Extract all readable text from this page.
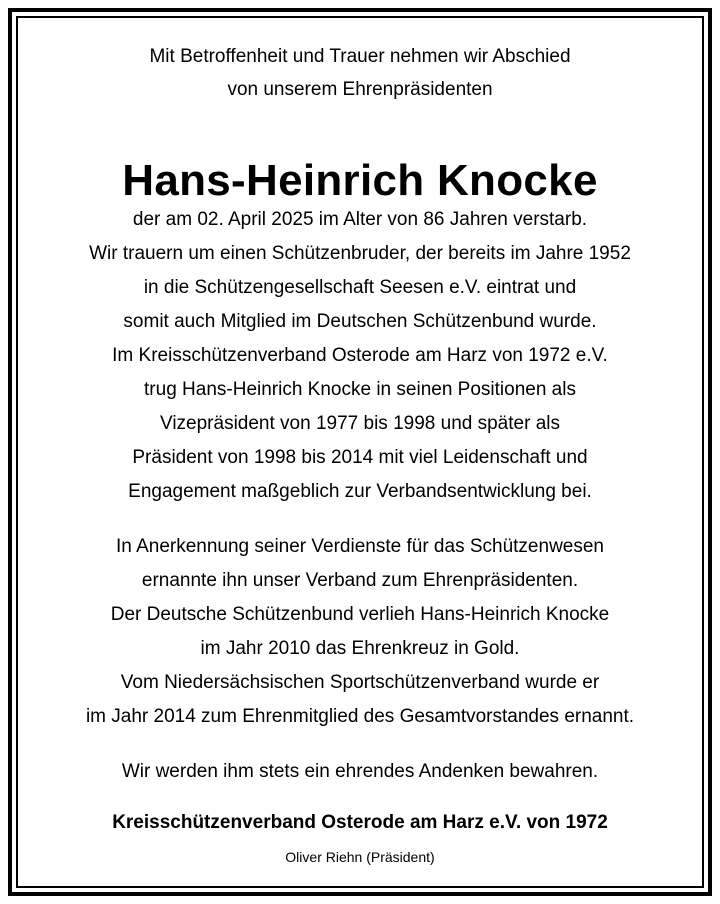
Mit Betroffenheit und Trauer nehmen wir Abschied
von unserem Ehrenpräsidenten
Hans-Heinrich Knocke
der am 02. April 2025 im Alter von 86 Jahren verstarb.
Wir trauern um einen Schützenbruder, der bereits im Jahre 1952
in die Schützengesellschaft Seesen e.V. eintrat und
somit auch Mitglied im Deutschen Schützenbund wurde.
Im Kreisschützenverband Osterode am Harz von 1972 e.V.
trug Hans-Heinrich Knocke in seinen Positionen als
Vizepräsident von 1977 bis 1998 und später als
Präsident von 1998 bis 2014 mit viel Leidenschaft und
Engagement maßgeblich zur Verbandsentwicklung bei.
In Anerkennung seiner Verdienste für das Schützenwesen
ernannte ihn unser Verband zum Ehrenpräsidenten.
Der Deutsche Schützenbund verlieh Hans-Heinrich Knocke
im Jahr 2010 das Ehrenkreuz in Gold.
Vom Niedersächsischen Sportschützenverband wurde er
im Jahr 2014 zum Ehrenmitglied des Gesamtvorstandes ernannt.
Wir werden ihm stets ein ehrendes Andenken bewahren.
Kreisschützenverband Osterode am Harz e.V. von 1972
Oliver Riehn (Präsident)
